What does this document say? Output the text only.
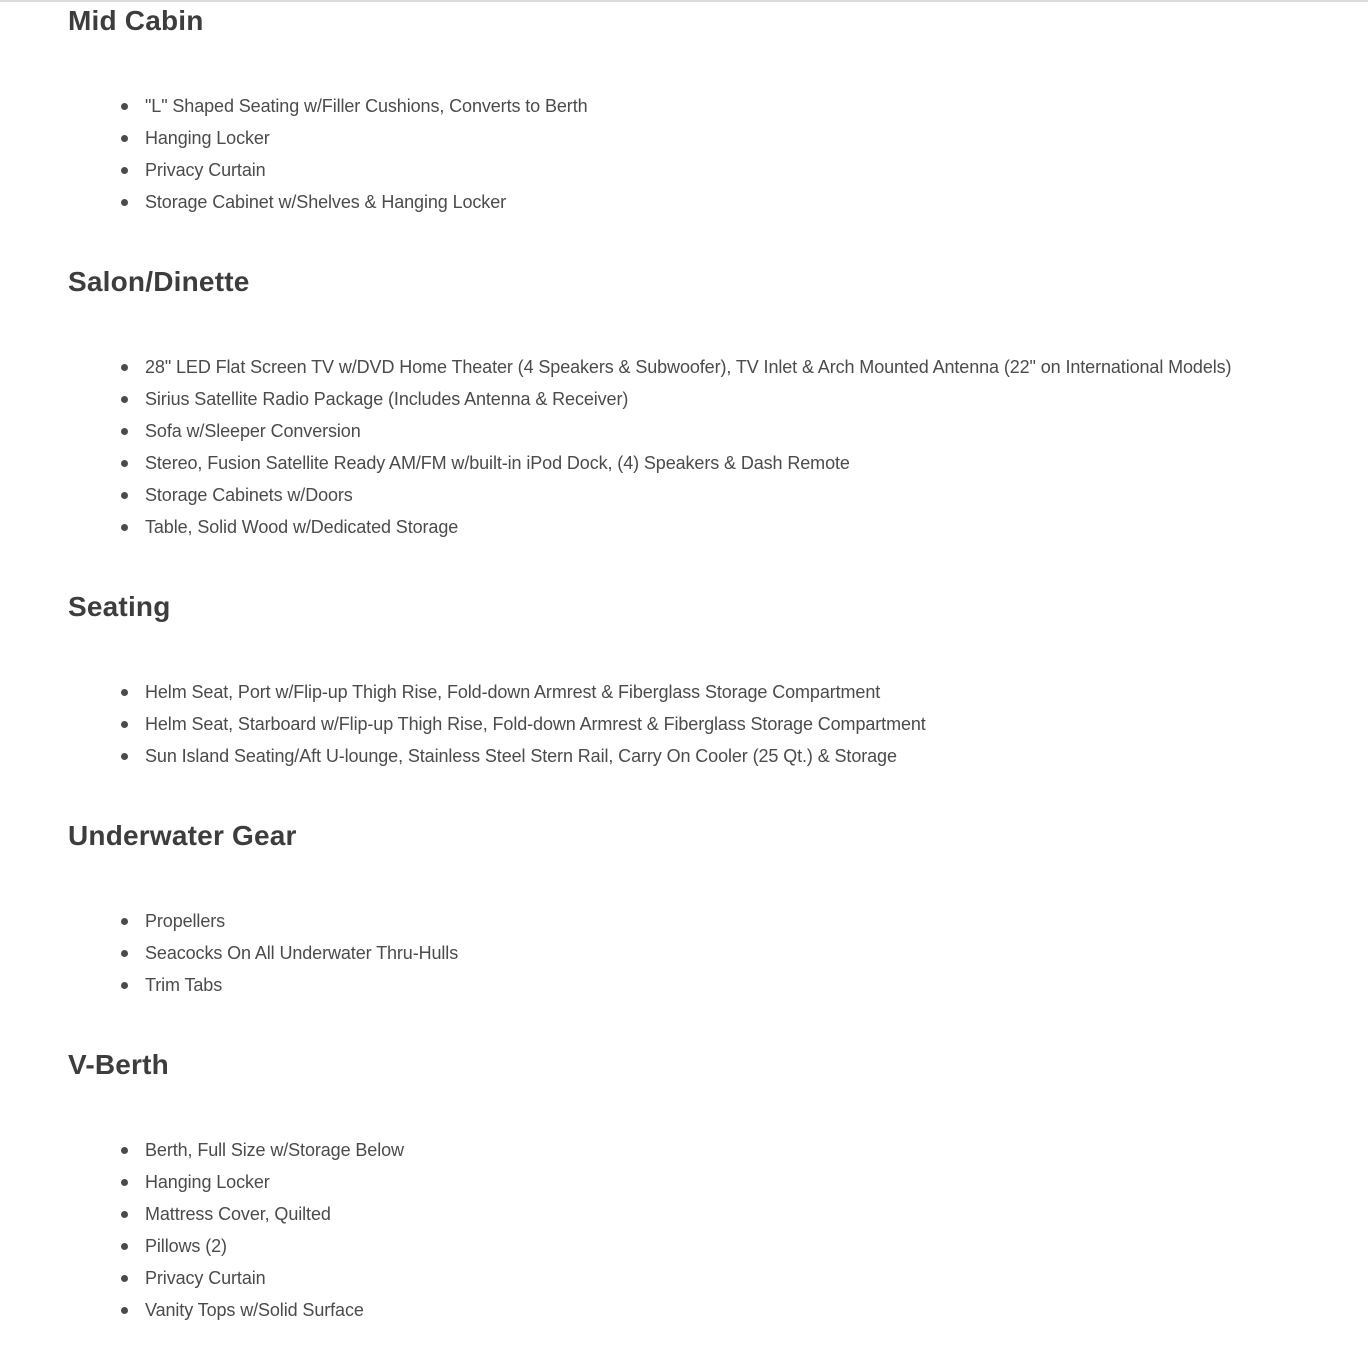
Mid Cabin
"L" Shaped Seating w/Filler Cushions, Converts to Berth
Hanging Locker
Privacy Curtain
Storage Cabinet w/Shelves & Hanging Locker
Salon/Dinette
28" LED Flat Screen TV w/DVD Home Theater (4 Speakers & Subwoofer), TV Inlet & Arch Mounted Antenna (22" on International Models)
Sirius Satellite Radio Package (Includes Antenna & Receiver)
Sofa w/Sleeper Conversion
Stereo, Fusion Satellite Ready AM/FM w/built-in iPod Dock, (4) Speakers & Dash Remote
Storage Cabinets w/Doors
Table, Solid Wood w/Dedicated Storage
Seating
Helm Seat, Port w/Flip-up Thigh Rise, Fold-down Armrest & Fiberglass Storage Compartment
Helm Seat, Starboard w/Flip-up Thigh Rise, Fold-down Armrest & Fiberglass Storage Compartment
Sun Island Seating/Aft U-lounge, Stainless Steel Stern Rail, Carry On Cooler (25 Qt.) & Storage
Underwater Gear
Propellers
Seacocks On All Underwater Thru-Hulls
Trim Tabs
V-Berth
Berth, Full Size w/Storage Below
Hanging Locker
Mattress Cover, Quilted
Pillows (2)
Privacy Curtain
Vanity Tops w/Solid Surface
